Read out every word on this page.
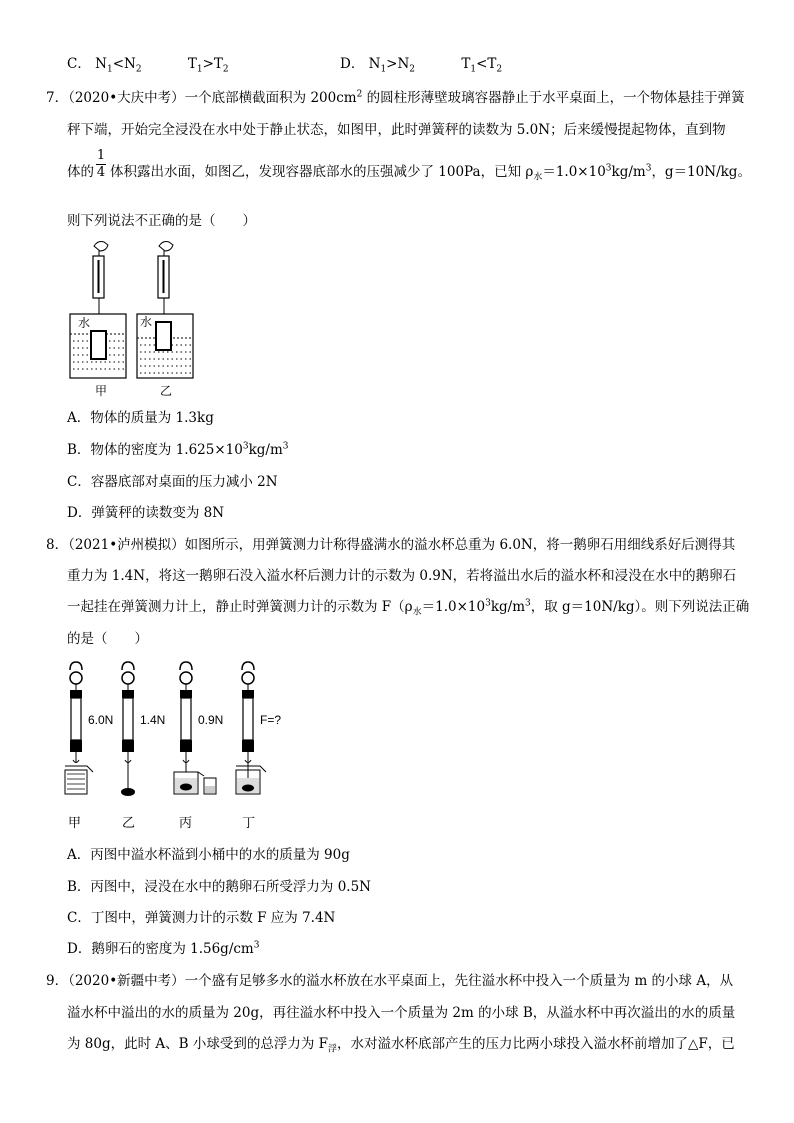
C． $N_1<N_2$	$T_1>T_2$	D． $N_1>N_2$	$T_1<T_2$
7．（2020•大庆中考）一个底部横截面积为 $200cm^2$ 的圆柱形薄壁玻璃容器静止于水平桌面上，一个物体悬挂于弹簧
秤下端，开始完全浸没在水中处于静止状态，如图甲，此时弹簧秤的读数为 5.0N；后来缓慢提起物体，直到物
体的 体积露出水面，如图乙，发现容器底部水的压强减少了 100Pa，已知 $\rho_水=1.0\times 10^3kg/m^3$，g＝10N/kg。
1
4
则下列说法不正确的是（　　）
水
甲
水
乙
A．物体的质量为 1.3kg
B．物体的密度为 $1.625\times 10^3kg/m^3$
C．容器底部对桌面的压力减小 2N
D．弹簧秤的读数变为 8N
8．（2021•泸州模拟）如图所示，用弹簧测力计称得盛满水的溢水杯总重为 6.0N，将一鹅卵石用细线系好后测得其
重力为 1.4N，将这一鹅卵石没入溢水杯后测力计的示数为 0.9N，若将溢出水后的溢水杯和浸没在水中的鹅卵石
一起挂在弹簧测力计上，静止时弹簧测力计的示数为 $F(\rho_水=1.0\times 10^3kg/m^3$，取 g＝10N/kg）。则下列说法正确
的是（　　）
6.0N
甲
1.4N
乙
0.9N
丙
F=?
丁
A．丙图中溢水杯溢到小桶中的水的质量为 90g
B．丙图中，浸没在水中的鹅卵石所受浮力为 0.5N
C．丁图中，弹簧测力计的示数 F 应为 7.4N
D．鹅卵石的密度为 $1.56g/cm^3$
9．（2020•新疆中考）一个盛有足够多水的溢水杯放在水平桌面上，先往溢水杯中投入一个质量为 m 的小球 A，从
溢水杯中溢出的水的质量为 20g，再往溢水杯中投入一个质量为 2m 的小球 B，从溢水杯中再次溢出的水的质量
为 80g，此时 A、B 小球受到的总浮力为 $F_浮$，水对溢水杯底部产生的压力比两小球投入溢水杯前增加了△F，已
